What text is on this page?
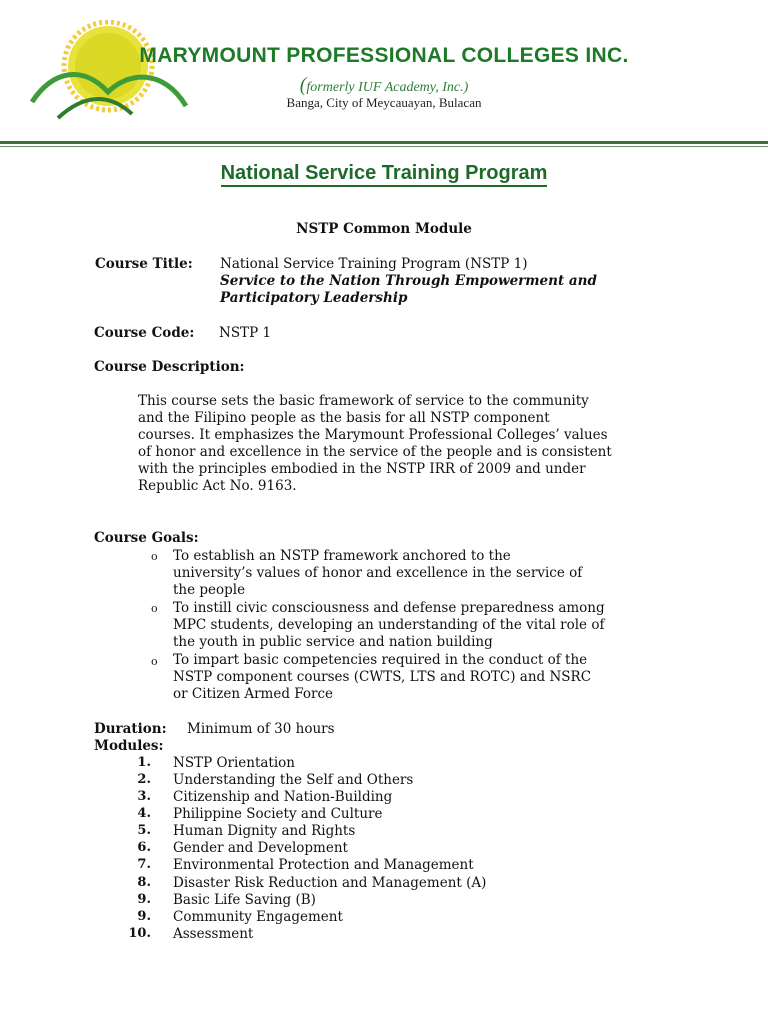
MARYMOUNT PROFESSIONAL COLLEGES INC.
(formerly IUF Academy, Inc.)
Banga, City of Meycauayan, Bulacan
National Service Training Program
NSTP Common Module
Course Title: National Service Training Program (NSTP 1)
Service to the Nation Through Empowerment and
Participatory Leadership
Course Code: NSTP 1
Course Description:
This course sets the basic framework of service to the community
and the Filipino people as the basis for all NSTP component
courses. It emphasizes the Marymount Professional Colleges’ values
of honor and excellence in the service of the people and is consistent
with the principles embodied in the NSTP IRR of 2009 and under
Republic Act No. 9163.
Course Goals:
o To establish an NSTP framework anchored to the
university’s values of honor and excellence in the service of
the people
o To instill civic consciousness and defense preparedness among
MPC students, developing an understanding of the vital role of
the youth in public service and nation building
o To impart basic competencies required in the conduct of the
NSTP component courses (CWTS, LTS and ROTC) and NSRC
or Citizen Armed Force
Duration: Minimum of 30 hours
Modules:
1. NSTP Orientation
2. Understanding the Self and Others
3. Citizenship and Nation-Building
4. Philippine Society and Culture
5. Human Dignity and Rights
6. Gender and Development
7. Environmental Protection and Management
8. Disaster Risk Reduction and Management (A)
9. Basic Life Saving (B)
9. Community Engagement
10. Assessment
